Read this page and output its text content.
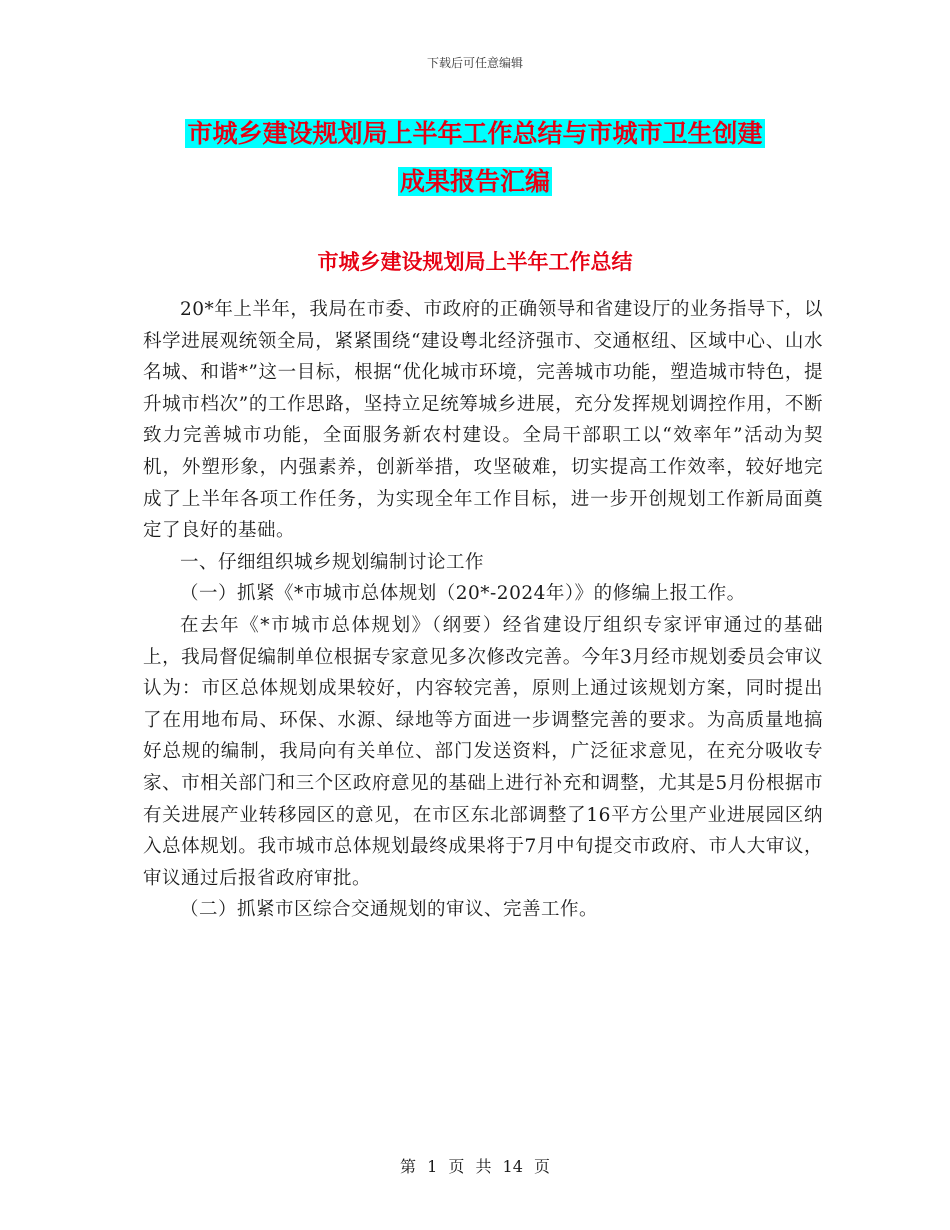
下载后可任意编辑
市城乡建设规划局上半年工作总结与市城市卫生创建
成果报告汇编
市城乡建设规划局上半年工作总结

20*年上半年，我局在市委、市政府的正确领导和省建设厅的业务指导下，以科学进展观统领全局，紧紧围绕“建设粤北经济强市、交通枢纽、区域中心、山水名城、和谐*”这一目标，根据“优化城市环境，完善城市功能，塑造城市特色，提升城市档次”的工作思路，坚持立足统筹城乡进展，充分发挥规划调控作用，不断致力完善城市功能，全面服务新农村建设。全局干部职工以“效率年”活动为契机，外塑形象，内强素养，创新举措，攻坚破难，切实提高工作效率，较好地完成了上半年各项工作任务，为实现全年工作目标，进一步开创规划工作新局面奠定了良好的基础。

一、仔细组织城乡规划编制讨论工作

（一）抓紧《*市城市总体规划（20*-2024年）》的修编上报工作。

在去年《*市城市总体规划》（纲要）经省建设厅组织专家评审通过的基础上，我局督促编制单位根据专家意见多次修改完善。今年3月经市规划委员会审议认为：市区总体规划成果较好，内容较完善，原则上通过该规划方案，同时提出了在用地布局、环保、水源、绿地等方面进一步调整完善的要求。为高质量地搞好总规的编制，我局向有关单位、部门发送资料，广泛征求意见，在充分吸收专家、市相关部门和三个区政府意见的基础上进行补充和调整，尤其是5月份根据市有关进展产业转移园区的意见，在市区东北部调整了16平方公里产业进展园区纳入总体规划。我市城市总体规划最终成果将于7月中旬提交市政府、市人大审议，审议通过后报省政府审批。

（二）抓紧市区综合交通规划的审议、完善工作。

第 1 页 共 14 页
